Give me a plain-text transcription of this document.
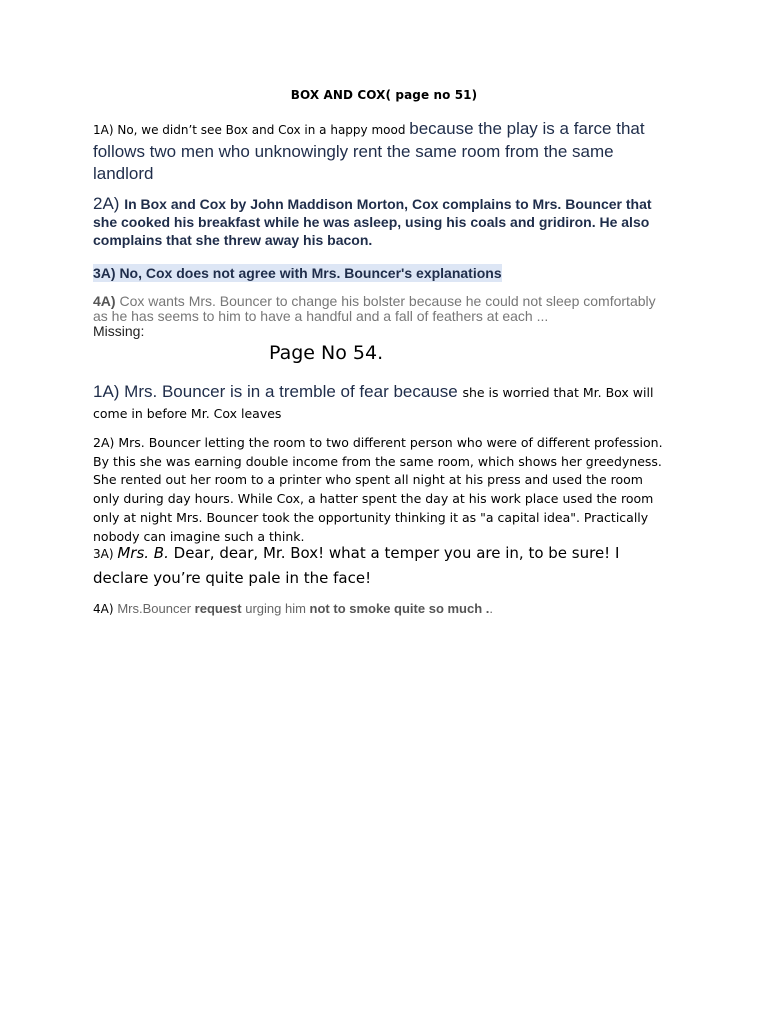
BOX AND COX( page no 51)
1A) No, we didn’t see Box and Cox in a happy mood because the play is a farce that follows two men who unknowingly rent the same room from the same landlord
2A) In Box and Cox by John Maddison Morton, Cox complains to Mrs. Bouncer that she cooked his breakfast while he was asleep, using his coals and gridiron. He also complains that she threw away his bacon.
3A) No, Cox does not agree with Mrs. Bouncer's explanations
4A) Cox wants Mrs. Bouncer to change his bolster because he could not sleep comfortably as he has seems to him to have a handful and a fall of feathers at each ...
Missing:
Page No 54.
1A) Mrs. Bouncer is in a tremble of fear because she is worried that Mr. Box will come in before Mr. Cox leaves
2A) Mrs. Bouncer letting the room to two different person who were of different profession. By this she was earning double income from the same room, which shows her greedyness. She rented out her room to a printer who spent all night at his press and used the room only during day hours. While Cox, a hatter spent the day at his work place used the room only at night Mrs. Bouncer took the opportunity thinking it as "a capital idea". Practically nobody can imagine such a think.
3A) Mrs. B. Dear, dear, Mr. Box! what a temper you are in, to be sure! I declare you’re quite pale in the face!
4A) Mrs.Bouncer request urging him not to smoke quite so much ..
